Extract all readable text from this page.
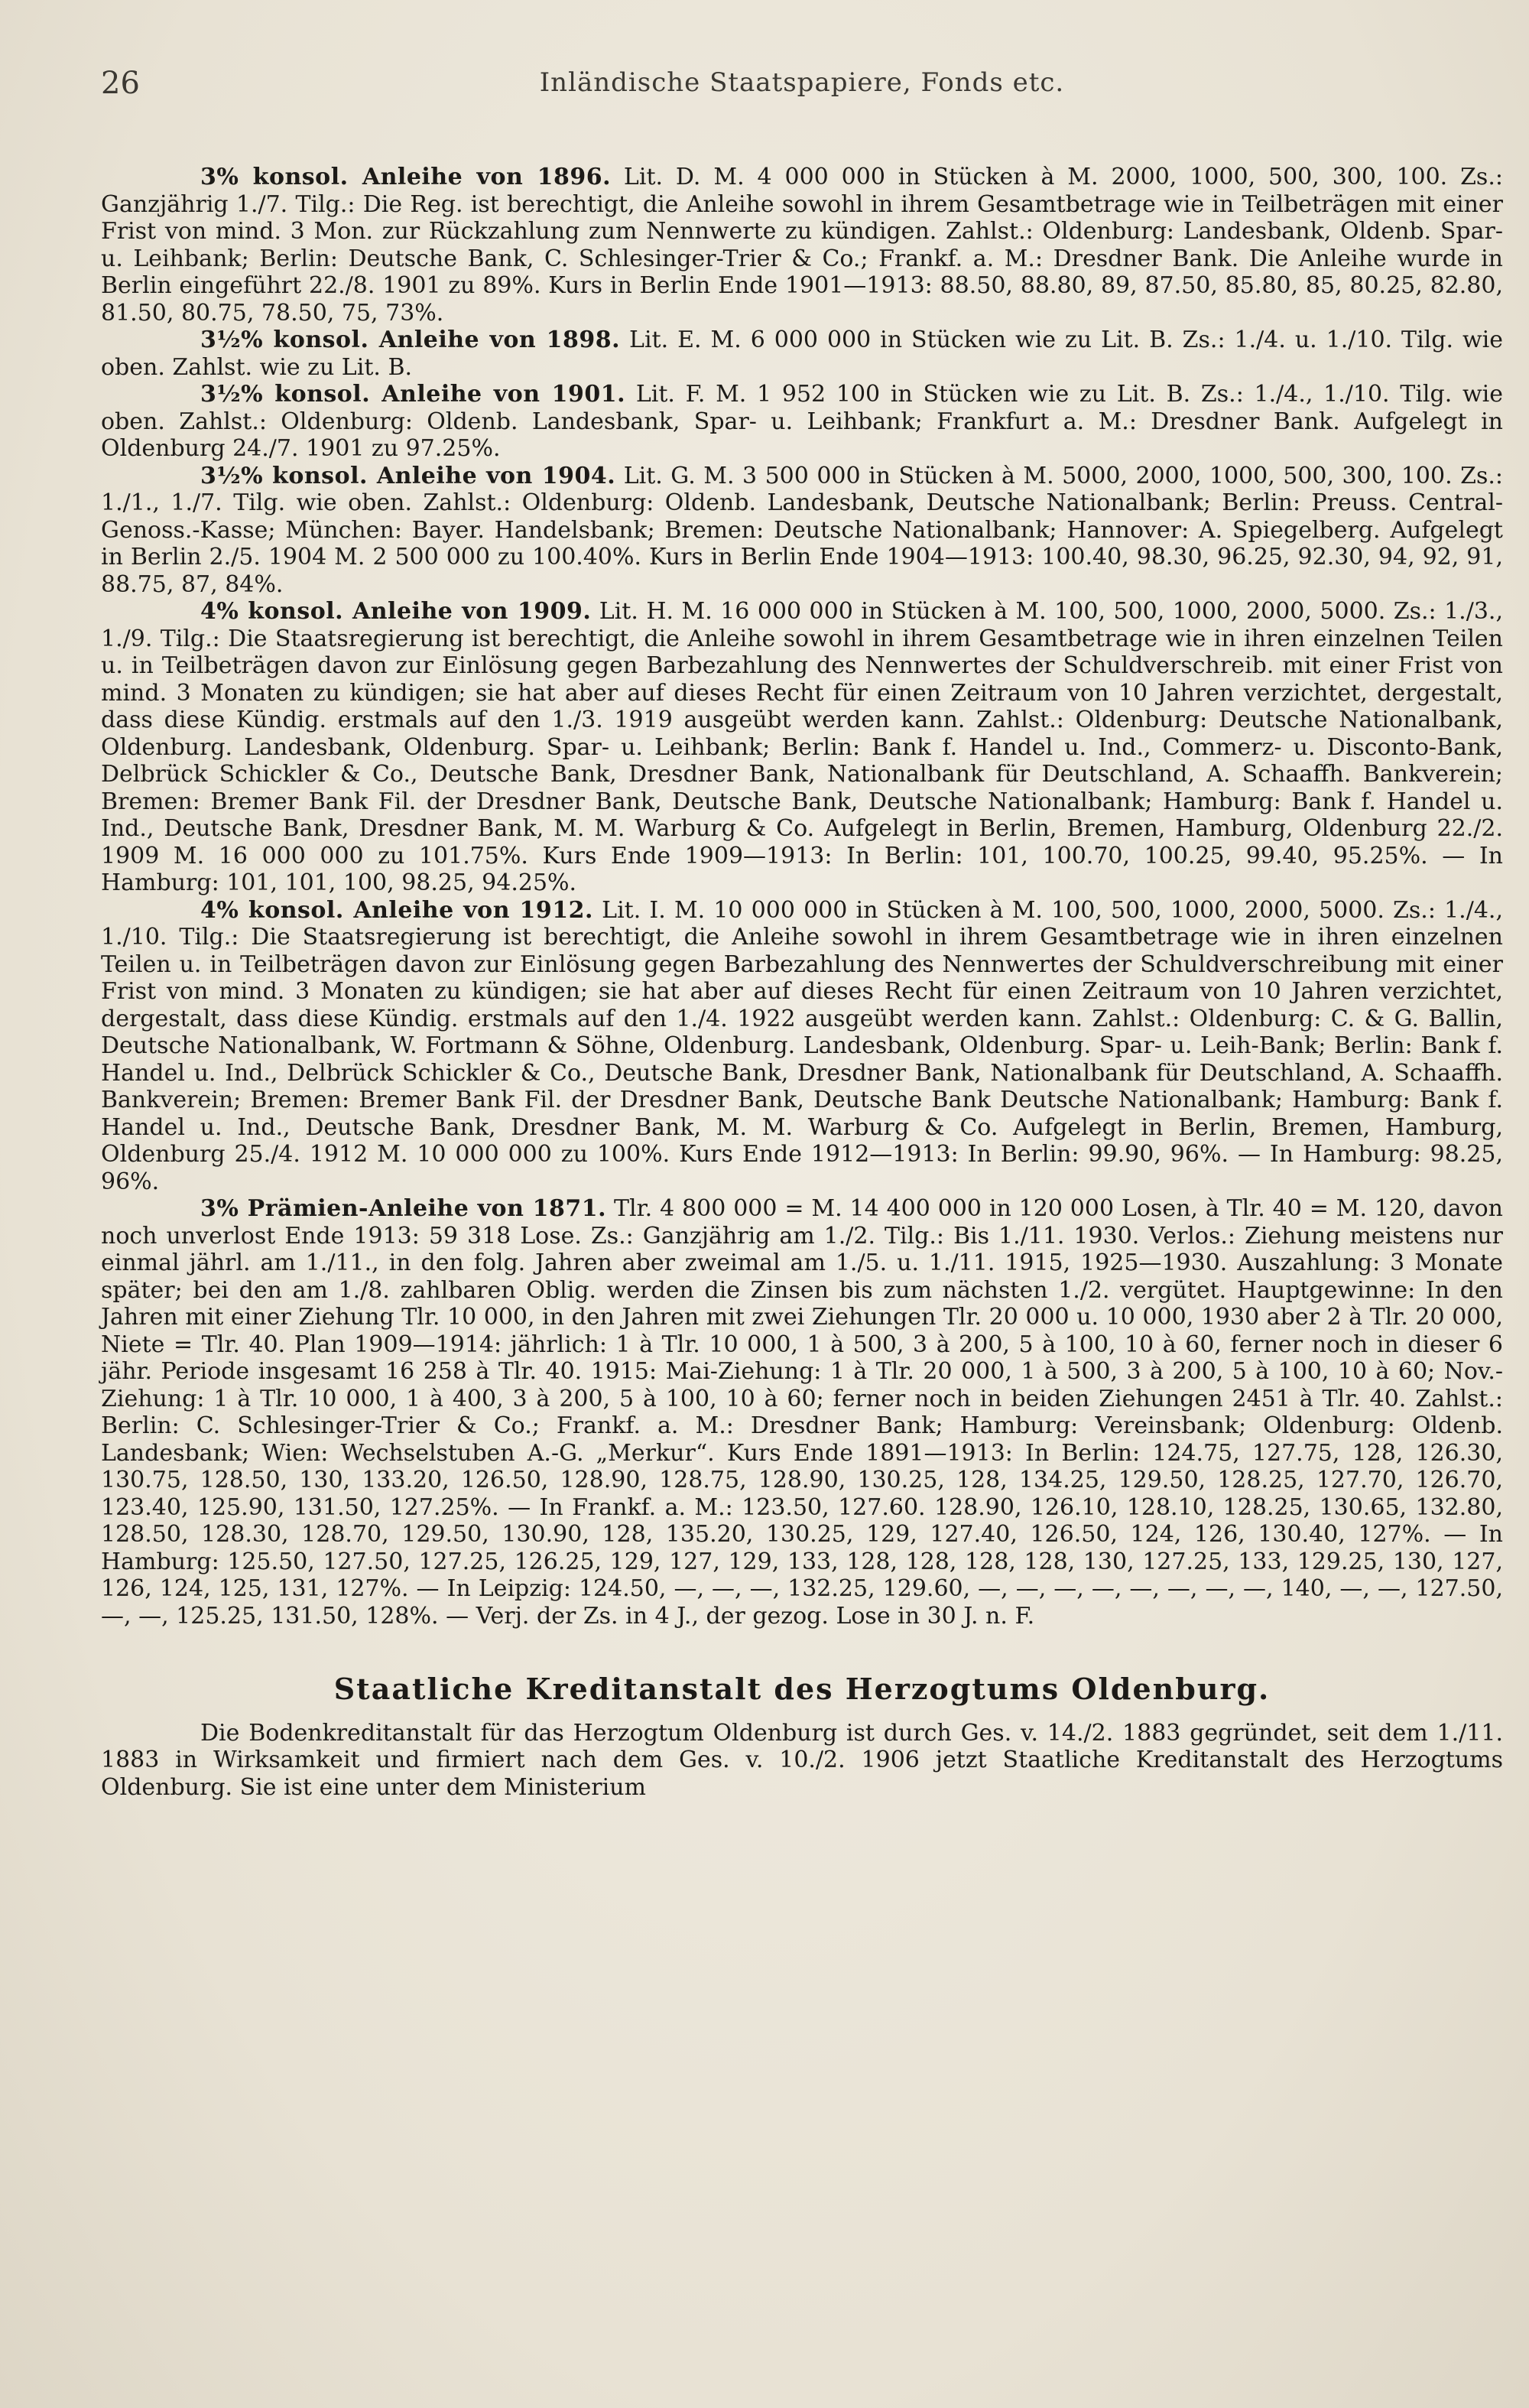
26	Inländische Staatspapiere, Fonds etc.

3% konsol. Anleihe von 1896. Lit. D. M. 4 000 000 in Stücken à M. 2000, 1000, 500, 300, 100. Zs.: Ganzjährig 1./7. Tilg.: Die Reg. ist berechtigt, die Anleihe sowohl in ihrem Gesamtbetrage wie in Teilbeträgen mit einer Frist von mind. 3 Mon. zur Rückzahlung zum Nennwerte zu kündigen. Zahlst.: Oldenburg: Landesbank, Oldenb. Spar- u. Leihbank; Berlin: Deutsche Bank, C. Schlesinger-Trier & Co.; Frankf. a. M.: Dresdner Bank. Die Anleihe wurde in Berlin eingeführt 22./8. 1901 zu 89%. Kurs in Berlin Ende 1901—1913: 88.50, 88.80, 89, 87.50, 85.80, 85, 80.25, 82.80, 81.50, 80.75, 78.50, 75, 73%.

3½% konsol. Anleihe von 1898. Lit. E. M. 6 000 000 in Stücken wie zu Lit. B. Zs.: 1./4. u. 1./10. Tilg. wie oben. Zahlst. wie zu Lit. B.

3½% konsol. Anleihe von 1901. Lit. F. M. 1 952 100 in Stücken wie zu Lit. B. Zs.: 1./4., 1./10. Tilg. wie oben. Zahlst.: Oldenburg: Oldenb. Landesbank, Spar- u. Leihbank; Frankfurt a. M.: Dresdner Bank. Aufgelegt in Oldenburg 24./7. 1901 zu 97.25%.

3½% konsol. Anleihe von 1904. Lit. G. M. 3 500 000 in Stücken à M. 5000, 2000, 1000, 500, 300, 100. Zs.: 1./1., 1./7. Tilg. wie oben. Zahlst.: Oldenburg: Oldenb. Landesbank, Deutsche Nationalbank; Berlin: Preuss. Central-Genoss.-Kasse; München: Bayer. Handelsbank; Bremen: Deutsche Nationalbank; Hannover: A. Spiegelberg. Aufgelegt in Berlin 2./5. 1904 M. 2 500 000 zu 100.40%. Kurs in Berlin Ende 1904—1913: 100.40, 98.30, 96.25, 92.30, 94, 92, 91, 88.75, 87, 84%.

4% konsol. Anleihe von 1909. Lit. H. M. 16 000 000 in Stücken à M. 100, 500, 1000, 2000, 5000. Zs.: 1./3., 1./9. Tilg.: Die Staatsregierung ist berechtigt, die Anleihe sowohl in ihrem Gesamtbetrage wie in ihren einzelnen Teilen u. in Teilbeträgen davon zur Einlösung gegen Barbezahlung des Nennwertes der Schuldverschreib. mit einer Frist von mind. 3 Monaten zu kündigen; sie hat aber auf dieses Recht für einen Zeitraum von 10 Jahren verzichtet, dergestalt, dass diese Kündig. erstmals auf den 1./3. 1919 ausgeübt werden kann. Zahlst.: Oldenburg: Deutsche Nationalbank, Oldenburg. Landesbank, Oldenburg. Spar- u. Leihbank; Berlin: Bank f. Handel u. Ind., Commerz- u. Disconto-Bank, Delbrück Schickler & Co., Deutsche Bank, Dresdner Bank, Nationalbank für Deutschland, A. Schaaffh. Bankverein; Bremen: Bremer Bank Fil. der Dresdner Bank, Deutsche Bank, Deutsche Nationalbank; Hamburg: Bank f. Handel u. Ind., Deutsche Bank, Dresdner Bank, M. M. Warburg & Co. Aufgelegt in Berlin, Bremen, Hamburg, Oldenburg 22./2. 1909 M. 16 000 000 zu 101.75%. Kurs Ende 1909—1913: In Berlin: 101, 100.70, 100.25, 99.40, 95.25%. — In Hamburg: 101, 101, 100, 98.25, 94.25%.

4% konsol. Anleihe von 1912. Lit. I. M. 10 000 000 in Stücken à M. 100, 500, 1000, 2000, 5000. Zs.: 1./4., 1./10. Tilg.: Die Staatsregierung ist berechtigt, die Anleihe sowohl in ihrem Gesamtbetrage wie in ihren einzelnen Teilen u. in Teilbeträgen davon zur Einlösung gegen Barbezahlung des Nennwertes der Schuldverschreibung mit einer Frist von mind. 3 Monaten zu kündigen; sie hat aber auf dieses Recht für einen Zeitraum von 10 Jahren verzichtet, dergestalt, dass diese Kündig. erstmals auf den 1./4. 1922 ausgeübt werden kann. Zahlst.: Oldenburg: C. & G. Ballin, Deutsche Nationalbank, W. Fortmann & Söhne, Oldenburg. Landesbank, Oldenburg. Spar- u. Leih-Bank; Berlin: Bank f. Handel u. Ind., Delbrück Schickler & Co., Deutsche Bank, Dresdner Bank, Nationalbank für Deutschland, A. Schaaffh. Bankverein; Bremen: Bremer Bank Fil. der Dresdner Bank, Deutsche Bank Deutsche Nationalbank; Hamburg: Bank f. Handel u. Ind., Deutsche Bank, Dresdner Bank, M. M. Warburg & Co. Aufgelegt in Berlin, Bremen, Hamburg, Oldenburg 25./4. 1912 M. 10 000 000 zu 100%. Kurs Ende 1912—1913: In Berlin: 99.90, 96%. — In Hamburg: 98.25, 96%.

3% Prämien-Anleihe von 1871. Tlr. 4 800 000 = M. 14 400 000 in 120 000 Losen, à Tlr. 40 = M. 120, davon noch unverlost Ende 1913: 59 318 Lose. Zs.: Ganzjährig am 1./2. Tilg.: Bis 1./11. 1930. Verlos.: Ziehung meistens nur einmal jährl. am 1./11., in den folg. Jahren aber zweimal am 1./5. u. 1./11. 1915, 1925—1930. Auszahlung: 3 Monate später; bei den am 1./8. zahlbaren Oblig. werden die Zinsen bis zum nächsten 1./2. vergütet. Hauptgewinne: In den Jahren mit einer Ziehung Tlr. 10 000, in den Jahren mit zwei Ziehungen Tlr. 20 000 u. 10 000, 1930 aber 2 à Tlr. 20 000, Niete = Tlr. 40. Plan 1909—1914: jährlich: 1 à Tlr. 10 000, 1 à 500, 3 à 200, 5 à 100, 10 à 60, ferner noch in dieser 6 jähr. Periode insgesamt 16 258 à Tlr. 40. 1915: Mai-Ziehung: 1 à Tlr. 20 000, 1 à 500, 3 à 200, 5 à 100, 10 à 60; Nov.-Ziehung: 1 à Tlr. 10 000, 1 à 400, 3 à 200, 5 à 100, 10 à 60; ferner noch in beiden Ziehungen 2451 à Tlr. 40. Zahlst.: Berlin: C. Schlesinger-Trier & Co.; Frankf. a. M.: Dresdner Bank; Hamburg: Vereinsbank; Oldenburg: Oldenb. Landesbank; Wien: Wechselstuben A.-G. „Merkur“. Kurs Ende 1891—1913: In Berlin: 124.75, 127.75, 128, 126.30, 130.75, 128.50, 130, 133.20, 126.50, 128.90, 128.75, 128.90, 130.25, 128, 134.25, 129.50, 128.25, 127.70, 126.70, 123.40, 125.90, 131.50, 127.25%. — In Frankf. a. M.: 123.50, 127.60. 128.90, 126.10, 128.10, 128.25, 130.65, 132.80, 128.50, 128.30, 128.70, 129.50, 130.90, 128, 135.20, 130.25, 129, 127.40, 126.50, 124, 126, 130.40, 127%. — In Hamburg: 125.50, 127.50, 127.25, 126.25, 129, 127, 129, 133, 128, 128, 128, 128, 130, 127.25, 133, 129.25, 130, 127, 126, 124, 125, 131, 127%. — In Leipzig: 124.50, —, —, —, 132.25, 129.60, —, —, —, —, —, —, —, —, 140, —, —, 127.50, —, —, 125.25, 131.50, 128%. — Verj. der Zs. in 4 J., der gezog. Lose in 30 J. n. F.

Staatliche Kreditanstalt des Herzogtums Oldenburg.

Die Bodenkreditanstalt für das Herzogtum Oldenburg ist durch Ges. v. 14./2. 1883 gegründet, seit dem 1./11. 1883 in Wirksamkeit und firmiert nach dem Ges. v. 10./2. 1906 jetzt Staatliche Kreditanstalt des Herzogtums Oldenburg. Sie ist eine unter dem Ministerium
